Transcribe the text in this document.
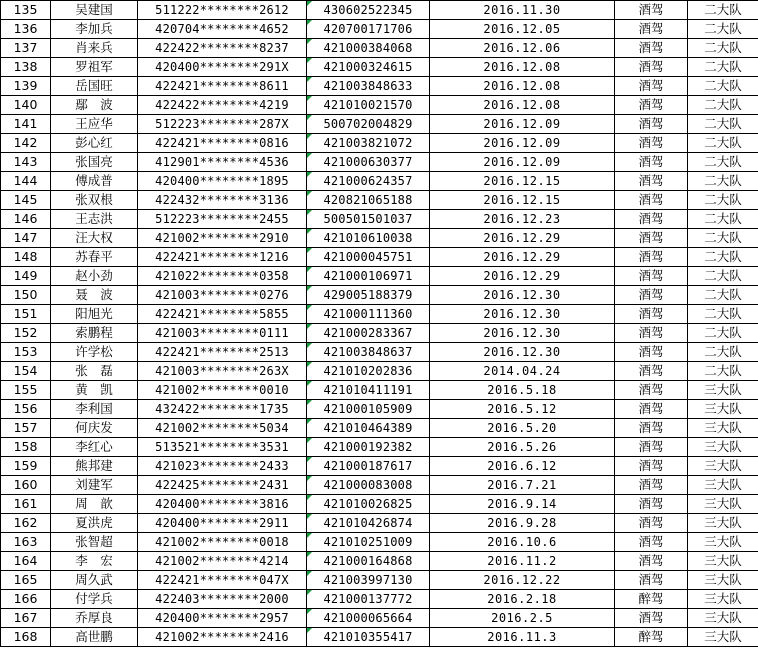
135	吴建国	511222********2612	430602522345	2016.11.30	酒驾	二大队
136	李加兵	420704********4652	420700171706	2016.12.05	酒驾	二大队
137	肖来兵	422422********8237	421000384068	2016.12.06	酒驾	二大队
138	罗祖军	420400********291X	421000324615	2016.12.08	酒驾	二大队
139	岳国旺	422421********8611	421003848633	2016.12.08	酒驾	二大队
140	鄢　波	422422********4219	421010021570	2016.12.08	酒驾	二大队
141	王应华	512223********287X	500702004829	2016.12.09	酒驾	二大队
142	彭心红	422421********0816	421003821072	2016.12.09	酒驾	二大队
143	张国亮	412901********4536	421000630377	2016.12.09	酒驾	二大队
144	傅成普	420400********1895	421000624357	2016.12.15	酒驾	二大队
145	张双根	422432********3136	420821065188	2016.12.15	酒驾	二大队
146	王志洪	512223********2455	500501501037	2016.12.23	酒驾	二大队
147	汪大权	421002********2910	421010610038	2016.12.29	酒驾	二大队
148	苏春平	422421********1216	421000045751	2016.12.29	酒驾	二大队
149	赵小劲	421022********0358	421000106971	2016.12.29	酒驾	二大队
150	聂　波	421003********0276	429005188379	2016.12.30	酒驾	二大队
151	阳旭光	422421********5855	421000111360	2016.12.30	酒驾	二大队
152	索鹏程	421003********0111	421000283367	2016.12.30	酒驾	二大队
153	许学松	422421********2513	421003848637	2016.12.30	酒驾	二大队
154	张　磊	421003********263X	421010202836	2014.04.24	酒驾	二大队
155	黄　凯	421002********0010	421010411191	2016.5.18	酒驾	三大队
156	李利国	432422********1735	421000105909	2016.5.12	酒驾	三大队
157	何庆发	421002********5034	421010464389	2016.5.20	酒驾	三大队
158	李红心	513521********3531	421000192382	2016.5.26	酒驾	三大队
159	熊邦建	421023********2433	421000187617	2016.6.12	酒驾	三大队
160	刘建军	422425********2431	421000083008	2016.7.21	酒驾	三大队
161	周　歆	420400********3816	421010026825	2016.9.14	酒驾	三大队
162	夏洪虎	420400********2911	421010426874	2016.9.28	酒驾	三大队
163	张智超	421002********0018	421010251009	2016.10.6	酒驾	三大队
164	李　宏	421002********4214	421000164868	2016.11.2	酒驾	三大队
165	周久武	422421********047X	421003997130	2016.12.22	酒驾	三大队
166	付学兵	422403********2000	421000137772	2016.2.18	醉驾	三大队
167	乔厚良	420400********2957	421000065664	2016.2.5	酒驾	三大队
168	高世鹏	421002********2416	421010355417	2016.11.3	醉驾	三大队
